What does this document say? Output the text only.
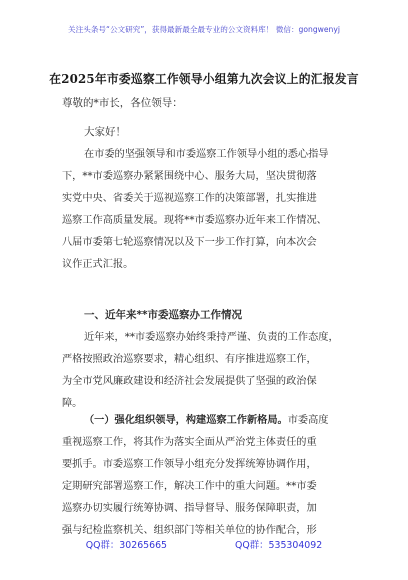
关注头条号“公文研究”，获得最新最全最专业的公文资料库！ 微信：gongwenyj
在2025年市委巡察工作领导小组第九次会议上的汇报发言
尊敬的*市长，各位领导：
大家好！
在市委的坚强领导和市委巡察工作领导小组的悉心指导
下，**市委巡察办紧紧围绕中心、服务大局，坚决贯彻落
实党中央、省委关于巡视巡察工作的决策部署，扎实推进
巡察工作高质量发展。现将**市委巡察办近年来工作情况、
八届市委第七轮巡察情况以及下一步工作打算，向本次会
议作正式汇报。
一、近年来**市委巡察办工作情况
近年来，**市委巡察办始终秉持严谨、负责的工作态度，
严格按照政治巡察要求，精心组织、有序推进巡察工作，
为全市党风廉政建设和经济社会发展提供了坚强的政治保
障。
（一）强化组织领导，构建巡察工作新格局。市委高度
重视巡察工作，将其作为落实全面从严治党主体责任的重
要抓手。市委巡察工作领导小组充分发挥统筹协调作用，
定期研究部署巡察工作，解决工作中的重大问题。**市委
巡察办切实履行统筹协调、指导督导、服务保障职责，加
强与纪检监察机关、组织部门等相关单位的协作配合，形
QQ群：30265665	QQ群：535304092
